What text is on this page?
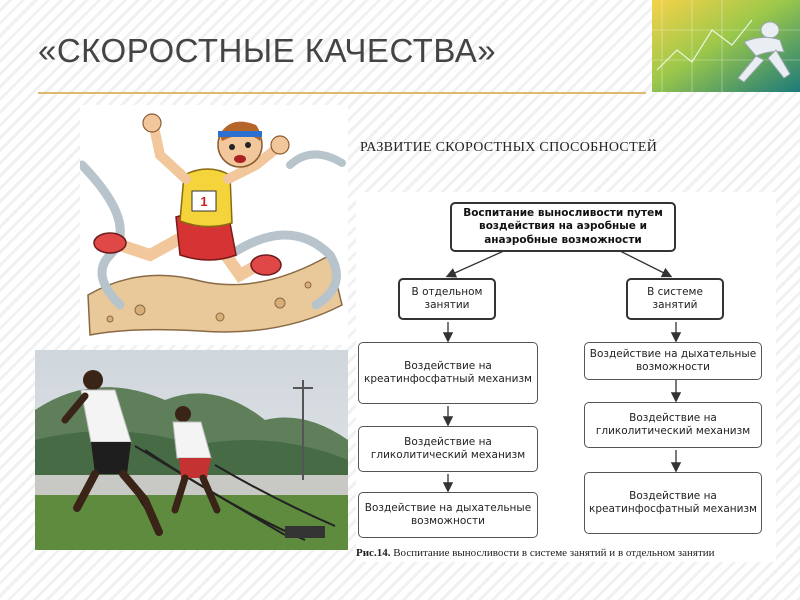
«СКОРОСТНЫЕ КАЧЕСТВА»
РАЗВИТИЕ СКОРОСТНЫХ СПОСОБНОСТЕЙ
1
Воспитание выносливости путем воздействия на аэробные и анаэробные возможности
В отдельном занятии
В системе занятий
Воздействие на креатинфосфатный механизм
Воздействие на гликолитический механизм
Воздействие на дыхательные возможности
Воздействие на дыхательные возможности
Воздействие на гликолитический механизм
Воздействие на креатинфосфатный механизм
Рис.14. Воспитание выносливости в системе занятий и в отдельном занятии
